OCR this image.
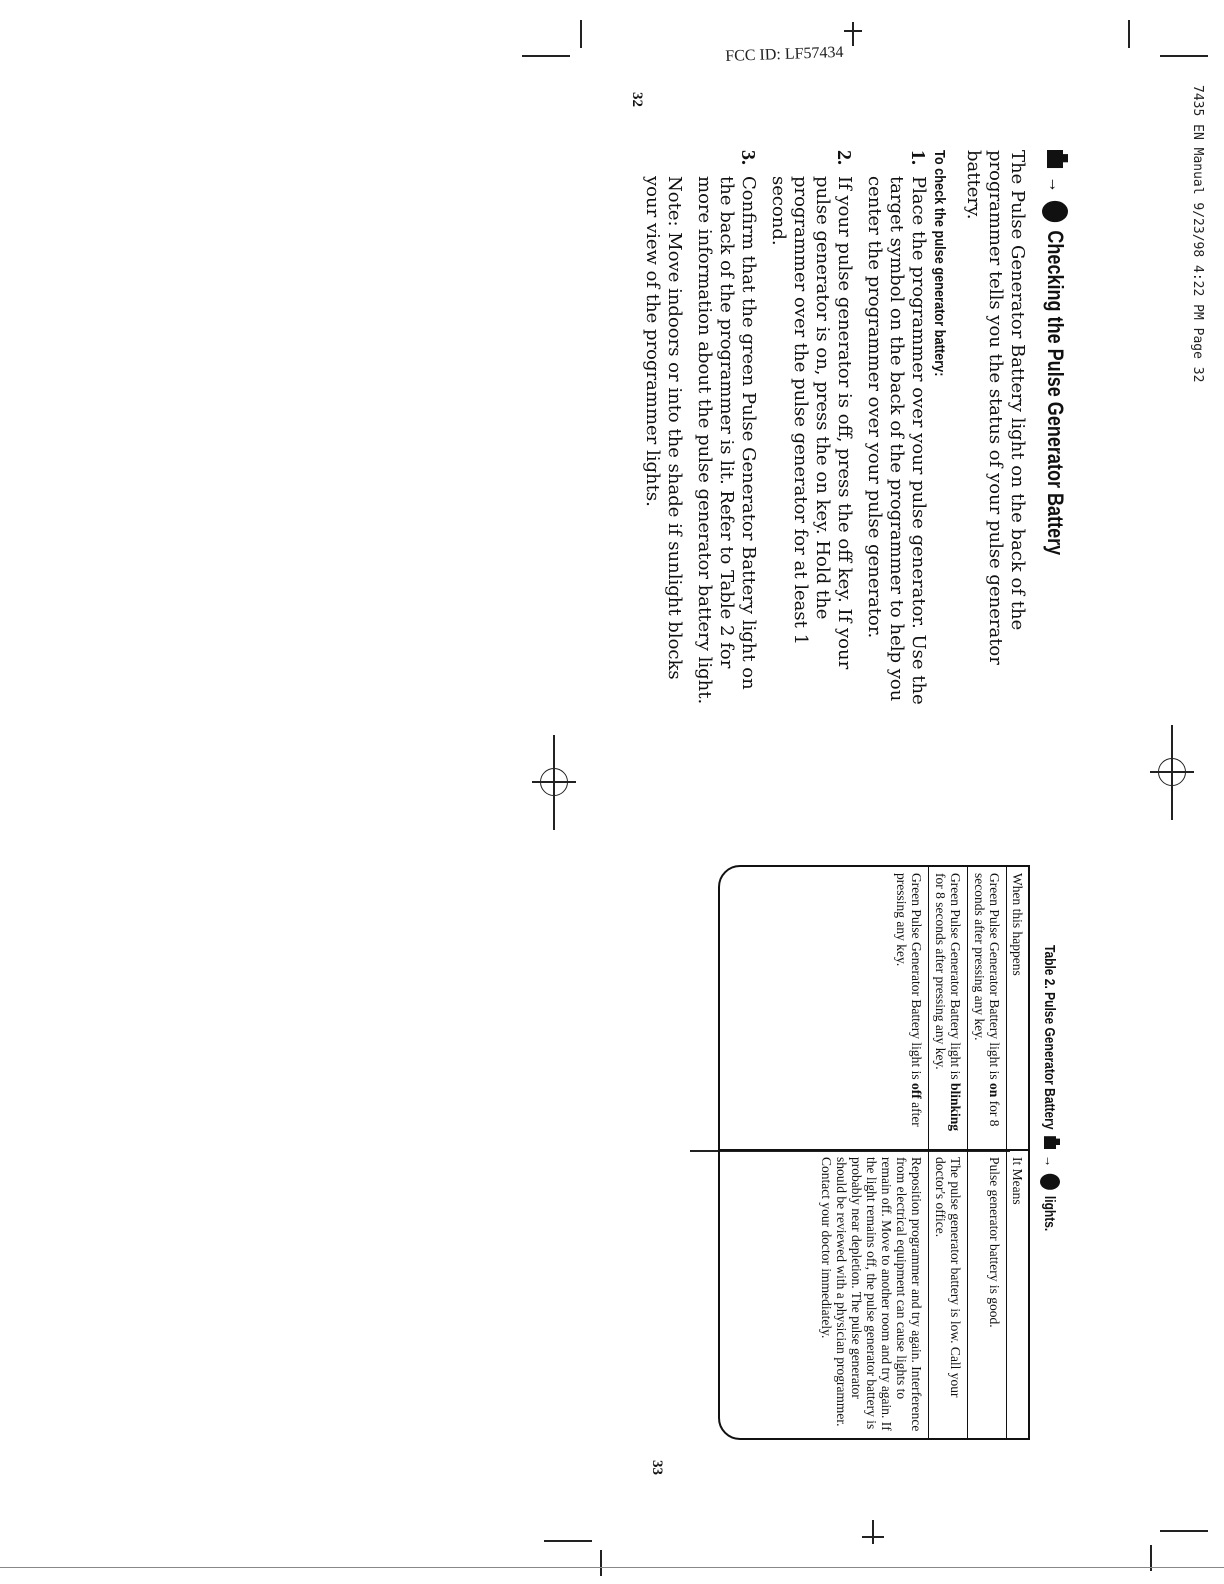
FCC ID: LF57434
7435 EN Manual 9/23/98 4:22 PM Page 32
32
33
→
Checking the Pulse Generator Battery

The Pulse Generator Battery light on the back of the programmer tells you the status of your pulse generator battery.

To check the pulse generator battery:
1.
Place the programmer over your pulse generator. Use the target symbol on the back of the programmer to help you center the programmer over your pulse generator.
2.
If your pulse generator is off, press the off key. If your pulse generator is on, press the on key. Hold the programmer over the pulse generator for at least 1 second.
3.
Confirm that the green Pulse Generator Battery light on the back of the programmer is lit. Refer to Table 2 for more information about the pulse generator battery light.
Note: Move indoors or into the shade if sunlight blocks your view of the programmer lights.
Table 2. Pulse Generator Battery
→
lights.
When this happens	It Means
Green Pulse Generator Battery light is on for 8 seconds after pressing any key.	Pulse generator battery is good.
Green Pulse Generator Battery light is blinking for 8 seconds after pressing any key.	The pulse generator battery is low. Call your doctor's office.
Green Pulse Generator Battery light is off after pressing any key.	Reposition programmer and try again. Interference from electrical equipment can cause lights to remain off. Move to another room and try again. If the light remains off, the pulse generator battery is probably near depletion. The pulse generator should be reviewed with a physician programmer. Contact your doctor immediately.
